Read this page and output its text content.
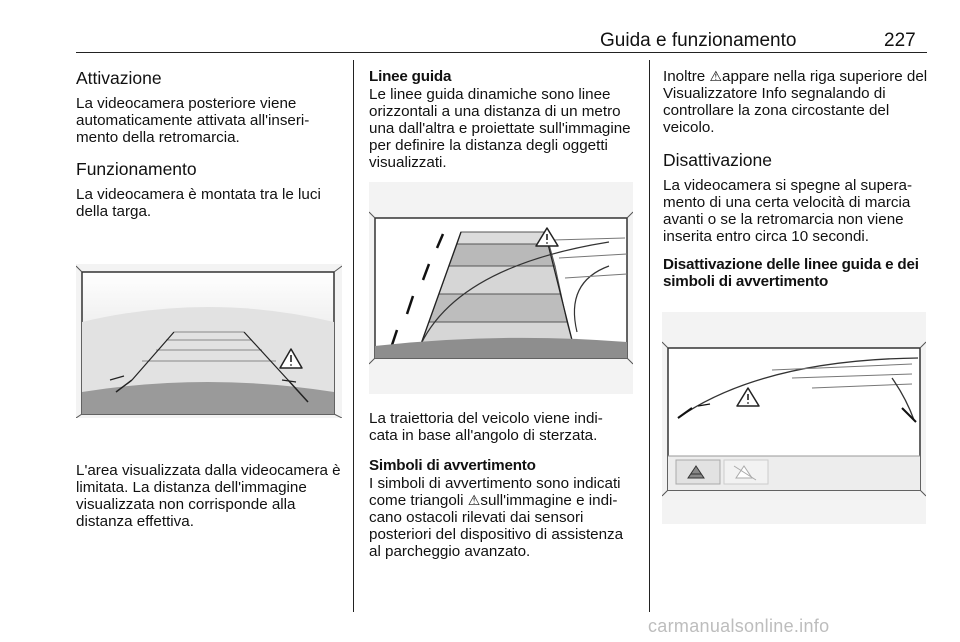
Guida e funzionamento	227
Attivazione

La videocamera posteriore viene automaticamente attivata all'inseri- mento della retromarcia.

Funzionamento

La videocamera è montata tra le luci della targa.

L'area visualizzata dalla videocamera è limitata. La distanza dell'immagine visualizzata non corrisponde alla distanza effettiva.

Linee guida

Le linee guida dinamiche sono linee orizzontali a una distanza di un metro una dall'altra e proiettate sull'immagine per definire la distanza degli oggetti visualizzati.

La traiettoria del veicolo viene indi- cata in base all'angolo di sterzata.

Simboli di avvertimento

I simboli di avvertimento sono indicati come triangoli ⚠sull'immagine e indi- cano ostacoli rilevati dai sensori posteriori del dispositivo di assistenza al parcheggio avanzato.

Inoltre ⚠appare nella riga superiore del Visualizzatore Info segnalando di controllare la zona circostante del veicolo.

Disattivazione

La videocamera si spegne al supera- mento di una certa velocità di marcia avanti o se la retromarcia non viene inserita entro circa 10 secondi.

Disattivazione delle linee guida e dei simboli di avvertimento
carmanualsonline.info
